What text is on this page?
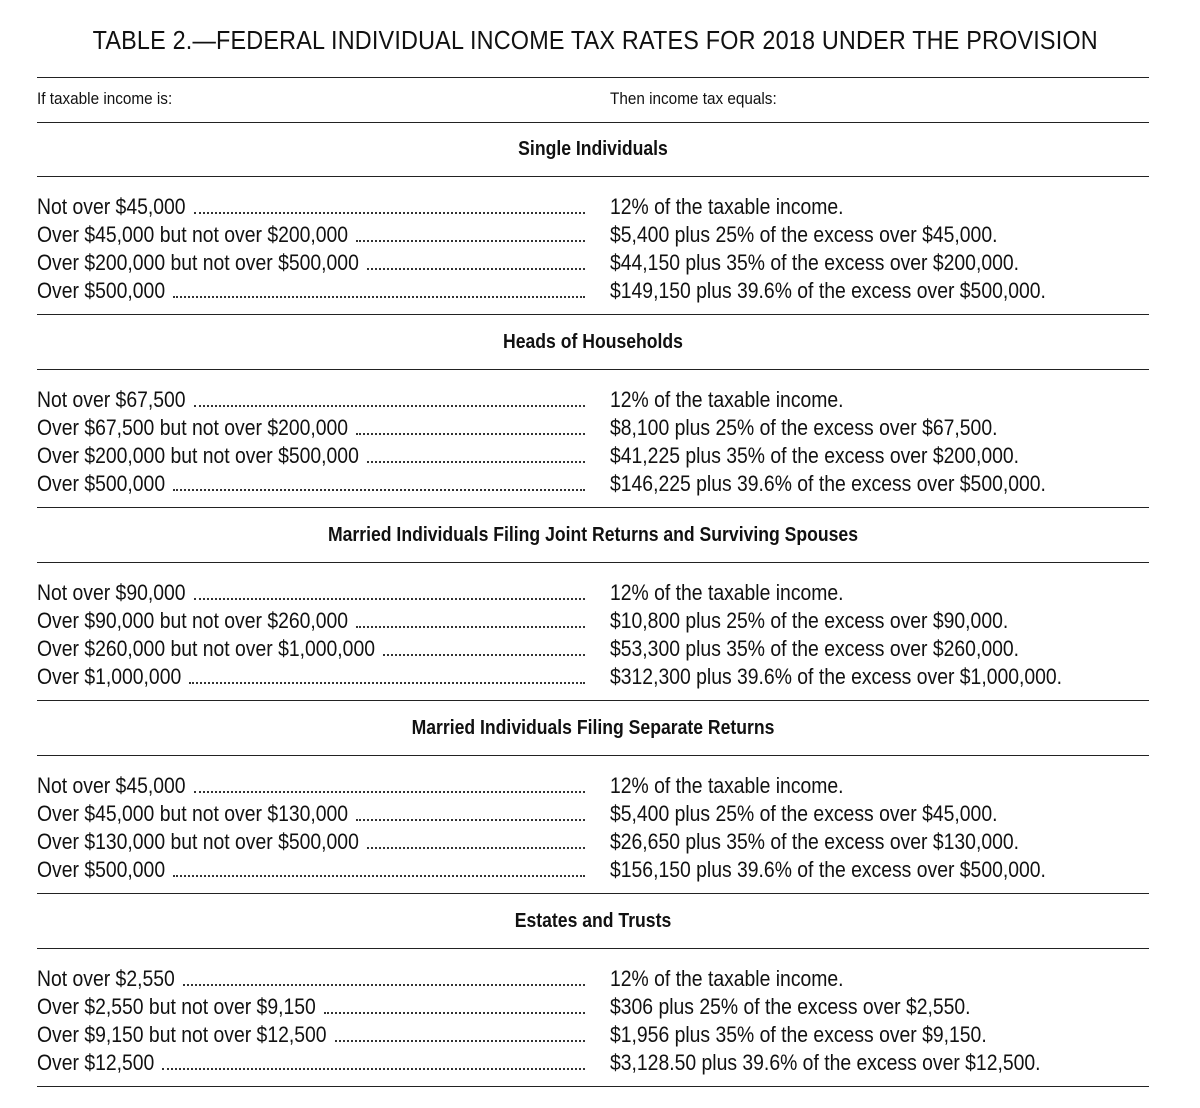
TABLE 2.—FEDERAL INDIVIDUAL INCOME TAX RATES FOR 2018 UNDER THE PROVISION
If taxable income is:	Then income tax equals:
Single Individuals
Not over $45,000	12% of the taxable income.
Over $45,000 but not over $200,000	$5,400 plus 25% of the excess over $45,000.
Over $200,000 but not over $500,000	$44,150 plus 35% of the excess over $200,000.
Over $500,000	$149,150 plus 39.6% of the excess over $500,000.
Heads of Households
Not over $67,500	12% of the taxable income.
Over $67,500 but not over $200,000	$8,100 plus 25% of the excess over $67,500.
Over $200,000 but not over $500,000	$41,225 plus 35% of the excess over $200,000.
Over $500,000	$146,225 plus 39.6% of the excess over $500,000.
Married Individuals Filing Joint Returns and Surviving Spouses
Not over $90,000	12% of the taxable income.
Over $90,000 but not over $260,000	$10,800 plus 25% of the excess over $90,000.
Over $260,000 but not over $1,000,000	$53,300 plus 35% of the excess over $260,000.
Over $1,000,000	$312,300 plus 39.6% of the excess over $1,000,000.
Married Individuals Filing Separate Returns
Not over $45,000	12% of the taxable income.
Over $45,000 but not over $130,000	$5,400 plus 25% of the excess over $45,000.
Over $130,000 but not over $500,000	$26,650 plus 35% of the excess over $130,000.
Over $500,000	$156,150 plus 39.6% of the excess over $500,000.
Estates and Trusts
Not over $2,550	12% of the taxable income.
Over $2,550 but not over $9,150	$306 plus 25% of the excess over $2,550.
Over $9,150 but not over $12,500	$1,956 plus 35% of the excess over $9,150.
Over $12,500	$3,128.50 plus 39.6% of the excess over $12,500.
